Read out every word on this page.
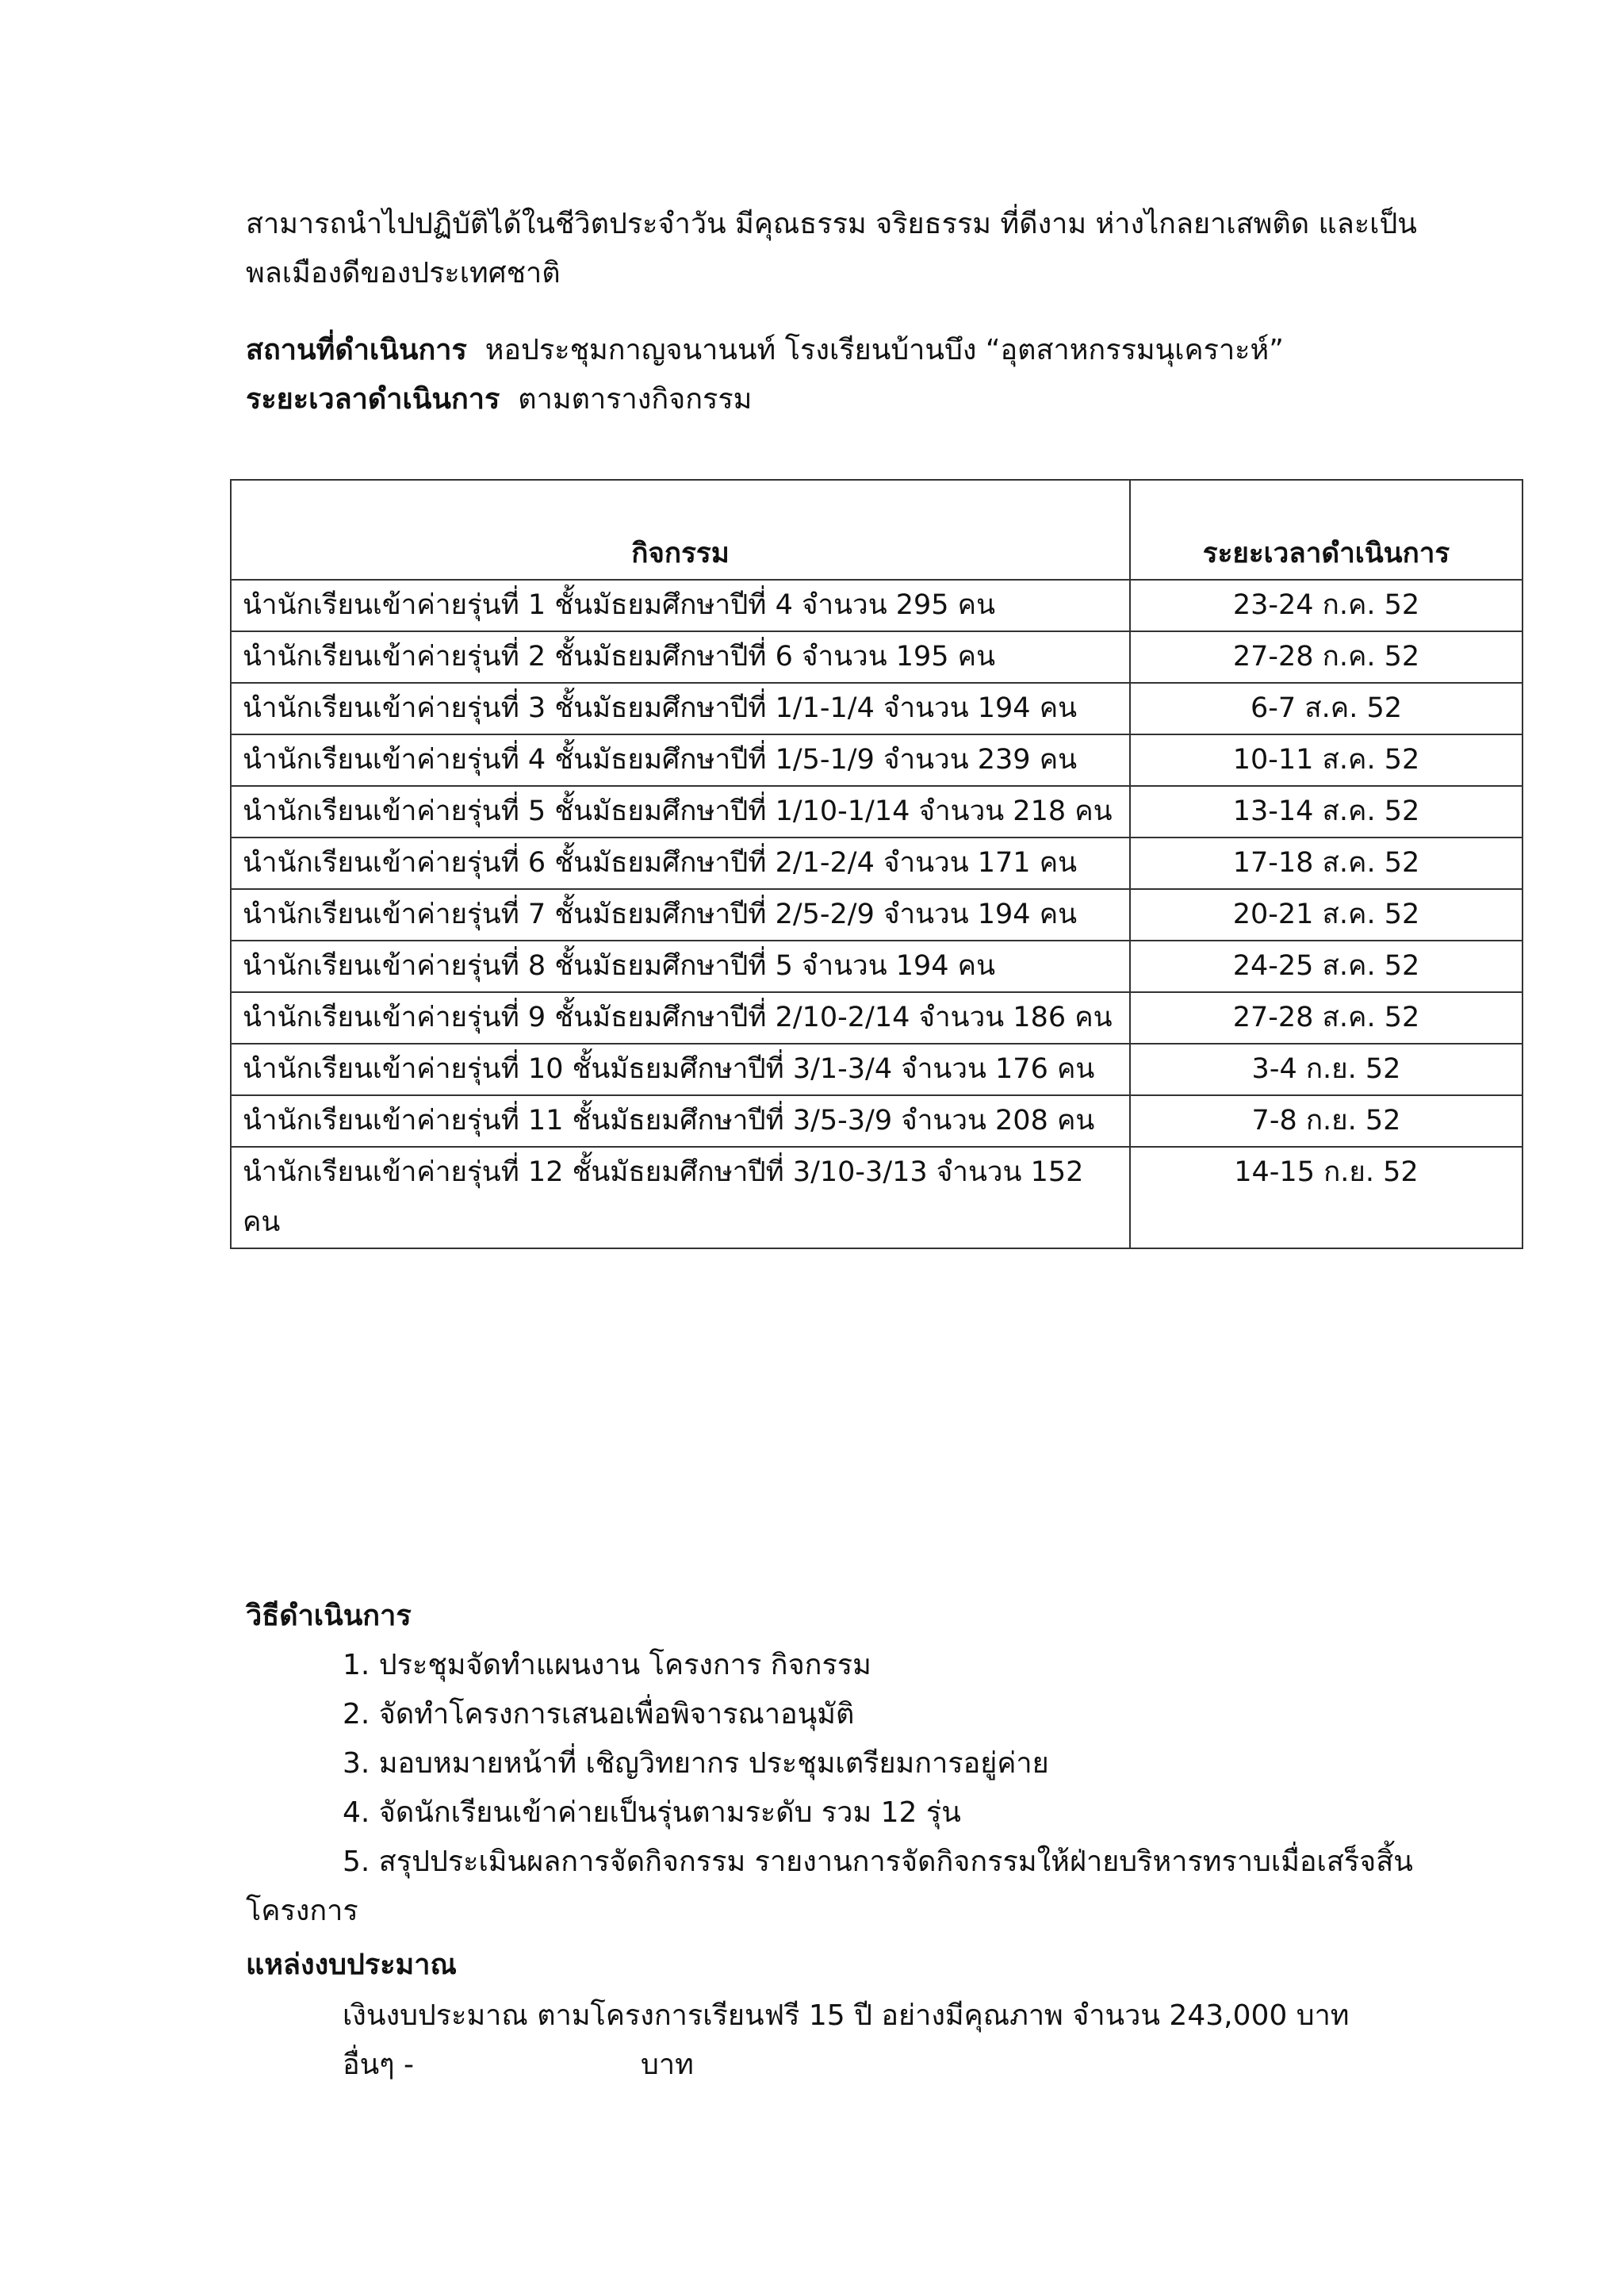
สามารถนำไปปฏิบัติได้ในชีวิตประจำวัน มีคุณธรรม จริยธรรม ที่ดีงาม ห่างไกลยาเสพติด และเป็น
พลเมืองดีของประเทศชาติ
สถานที่ดำเนินการ หอประชุมกาญจนานนท์ โรงเรียนบ้านบึง “อุตสาหกรรมนุเคราะห์”
ระยะเวลาดำเนินการ ตามตารางกิจกรรม
กิจกรรม	ระยะเวลาดำเนินการ
นำนักเรียนเข้าค่ายรุ่นที่ 1 ชั้นมัธยมศึกษาปีที่ 4 จำนวน 295 คน	23-24 ก.ค. 52
นำนักเรียนเข้าค่ายรุ่นที่ 2 ชั้นมัธยมศึกษาปีที่ 6 จำนวน 195 คน	27-28 ก.ค. 52
นำนักเรียนเข้าค่ายรุ่นที่ 3 ชั้นมัธยมศึกษาปีที่ 1/1-1/4 จำนวน 194 คน	6-7 ส.ค. 52
นำนักเรียนเข้าค่ายรุ่นที่ 4 ชั้นมัธยมศึกษาปีที่ 1/5-1/9 จำนวน 239 คน	10-11 ส.ค. 52
นำนักเรียนเข้าค่ายรุ่นที่ 5 ชั้นมัธยมศึกษาปีที่ 1/10-1/14 จำนวน 218 คน	13-14 ส.ค. 52
นำนักเรียนเข้าค่ายรุ่นที่ 6 ชั้นมัธยมศึกษาปีที่ 2/1-2/4 จำนวน 171 คน	17-18 ส.ค. 52
นำนักเรียนเข้าค่ายรุ่นที่ 7 ชั้นมัธยมศึกษาปีที่ 2/5-2/9 จำนวน 194 คน	20-21 ส.ค. 52
นำนักเรียนเข้าค่ายรุ่นที่ 8 ชั้นมัธยมศึกษาปีที่ 5 จำนวน 194 คน	24-25 ส.ค. 52
นำนักเรียนเข้าค่ายรุ่นที่ 9 ชั้นมัธยมศึกษาปีที่ 2/10-2/14 จำนวน 186 คน	27-28 ส.ค. 52
นำนักเรียนเข้าค่ายรุ่นที่ 10 ชั้นมัธยมศึกษาปีที่ 3/1-3/4 จำนวน 176 คน	3-4 ก.ย. 52
นำนักเรียนเข้าค่ายรุ่นที่ 11 ชั้นมัธยมศึกษาปีที่ 3/5-3/9 จำนวน 208 คน	7-8 ก.ย. 52
นำนักเรียนเข้าค่ายรุ่นที่ 12 ชั้นมัธยมศึกษาปีที่ 3/10-3/13 จำนวน 152 คน	14-15 ก.ย. 52
วิธีดำเนินการ
1. ประชุมจัดทำแผนงาน โครงการ กิจกรรม
2. จัดทำโครงการเสนอเพื่อพิจารณาอนุมัติ
3. มอบหมายหน้าที่ เชิญวิทยากร ประชุมเตรียมการอยู่ค่าย
4. จัดนักเรียนเข้าค่ายเป็นรุ่นตามระดับ รวม 12 รุ่น
5. สรุปประเมินผลการจัดกิจกรรม รายงานการจัดกิจกรรมให้ฝ่ายบริหารทราบเมื่อเสร็จสิ้น
โครงการ
แหล่งงบประมาณ
เงินงบประมาณ ตามโครงการเรียนฟรี 15 ปี อย่างมีคุณภาพ จำนวน 243,000 บาท
อื่นๆ -	บาท
